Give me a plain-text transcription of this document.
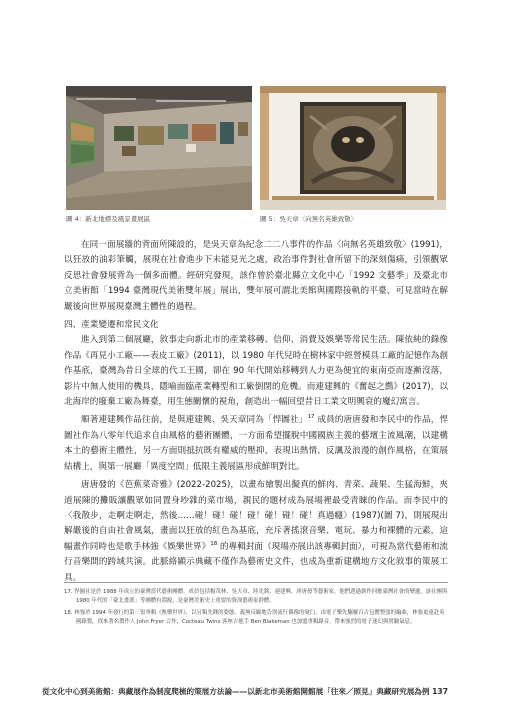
圖 4：新北地標及風景畫展區	圖 5：吳天章〈向無名英雄致敬〉

在同一面展牆的背面所陳設的，是吳天章為紀念二二八事件的作品〈向無名英雄致敬〉(1991)，以狂放的油彩筆觸，展現在社會進步下未能見光之處，政治事件對社會所留下的深刻傷痛，引領觀眾反思社會發展背為一個多面體。經研究發現，該作曾於臺北縣立文化中心「1992 文藝季」及臺北市立美術館「1994 臺灣現代美術雙年展」展出，雙年展可謂北美館與國際接軌的平臺，可見當時在解嚴後向世界展現臺灣主體性的過程。

四、產業變遷和常民文化

進入到第二個展廳，敘事走向新北市的產業移轉、信仰、消費及娛樂等常民生活。陳依純的錄像作品《再見小工廠——表皮工廠》(2011)，以 1980 年代兒時在樹林家中經營模具工廠的記憶作為創作基底，臺灣為昔日全球的代工王國，卻在 90 年代開始移轉到人力更為便宜的東南亞而逐漸沒落，影片中無人使用的機具，隱喻面臨產業轉型和工廠倒閉的危機。而連建興的《奮起之䳿》(2017)，以北海岸的廢棄工廠為舞臺，用生態關懷的視角，創造出一幅回望昔日工業文明興衰的魔幻寓言。

順著連建興作品往前，是與連建興、吳天章同為「悍圖社」$^{17}$ 成員的唐唐發和李民中的作品，悍圖社作為八零年代追求自由風格的藝術團體，一方面希望擺脫中國國族主義的藝壇主流風潮，以建構本土的藝術主體性，另一方面則抵抗既有權威的壓抑，表現出熱情、反諷及浪漫的創作風格，在策展結構上，與第一展廳「異度空間」低限主義展區形成鮮明對比。

唐唐發的《芭蕉菜奇雅》(2022-2025)，以畫布繪製出擬真的鮮肉、青菜、蔬果、生猛海鮮，夾道展陳的攤販讓觀眾如同置身吵雜的菜市場，親民的題材成為展場裡最受青睞的作品。而李民中的〈我散步，走啊走啊走，然後……碰！碰！碰！碰！碰！碰！碰！真過癮〉(1987)(圖 7)，則展現出解嚴後的自由社會風氣，畫面以狂放的紅色為基底，充斥著搖滾音樂、電玩、暴力和裸體的元素，這幅畫作同時也是歌手林強《娛樂世界》$^{18}$ 的專輯封面（現場亦展出該專輯封面），可視為當代藝術和流行音樂間的跨域共演。此脈絡顯示典藏不僅作為藝術史文件，也成為重新建構地方文化敘事的策展工具。

17. 悍圖社是於 1988 年成立的臺灣當代藝術團體。成員包括楊茂林、吳天章、陸先銘、連建興、唐唐發等藝術家，他們透過創作回應臺灣社會的變遷，該社團與 1980 年代的「臺北畫派」等團體有淵源，是臺灣美術史上重要的資深藝術家群體。

18. 林強於 1994 年發行的第三張專輯《娛樂世界》，以另類先鋒的姿態，義無反顧地告別流行偶像的窠臼，由電子樂先驅羅百吉包攬整張的編曲，林強更遠赴英國錄製，找來著名製作人 John Fryer 合作，Cocteau Twins 客座吉他手 Ben Blakeman 也加盟專輯錄音，帶來強烈的電子迷幻與實驗氣息。

從文化中心到美術館：典藏展作為制度爬梳的策展方法論——以新北市美術館開館展「往來／照見」典藏研究展為例 137
